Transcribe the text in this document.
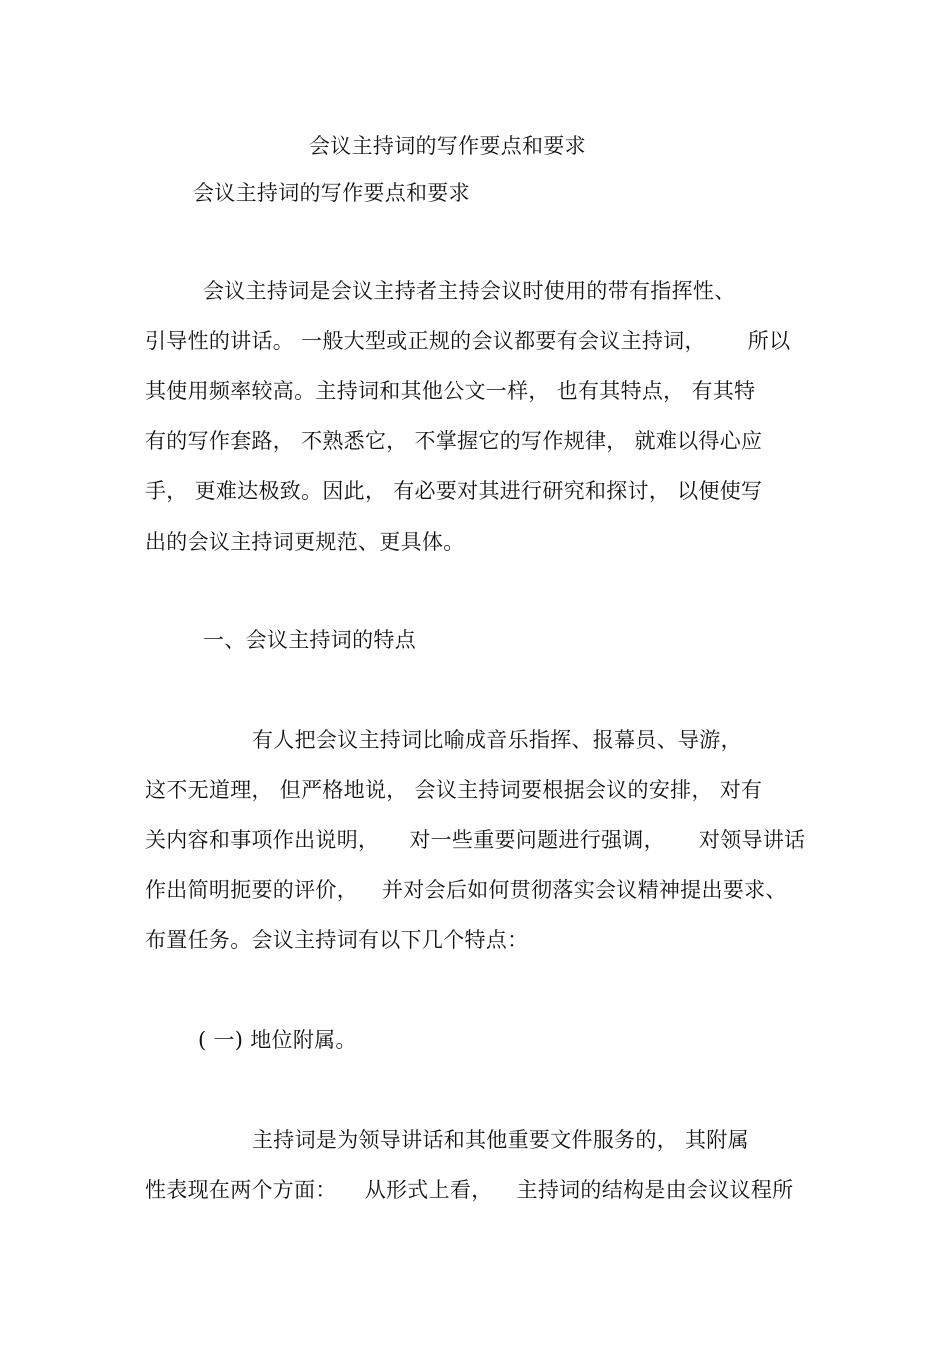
会议主持词的写作要点和要求
会议主持词的写作要点和要求
会议主持词是会议主持者主持会议时使用的带有指挥性、
引导性的讲话。 一般大型或正规的会议都要有会议主持词， 所以
其使用频率较高。主持词和其他公文一样， 也有其特点， 有其特
有的写作套路， 不熟悉它， 不掌握它的写作规律， 就难以得心应
手， 更难达极致。因此， 有必要对其进行研究和探讨， 以便使写
出的会议主持词更规范、更具体。
一、会议主持词的特点
有人把会议主持词比喻成音乐指挥、报幕员、导游，
这不无道理， 但严格地说， 会议主持词要根据会议的安排， 对有
关内容和事项作出说明， 对一些重要问题进行强调， 对领导讲话
作出简明扼要的评价， 并对会后如何贯彻落实会议精神提出要求、
布置任务。会议主持词有以下几个特点：
( 一) 地位附属。
主持词是为领导讲话和其他重要文件服务的， 其附属
性表现在两个方面： 从形式上看， 主持词的结构是由会议议程所
